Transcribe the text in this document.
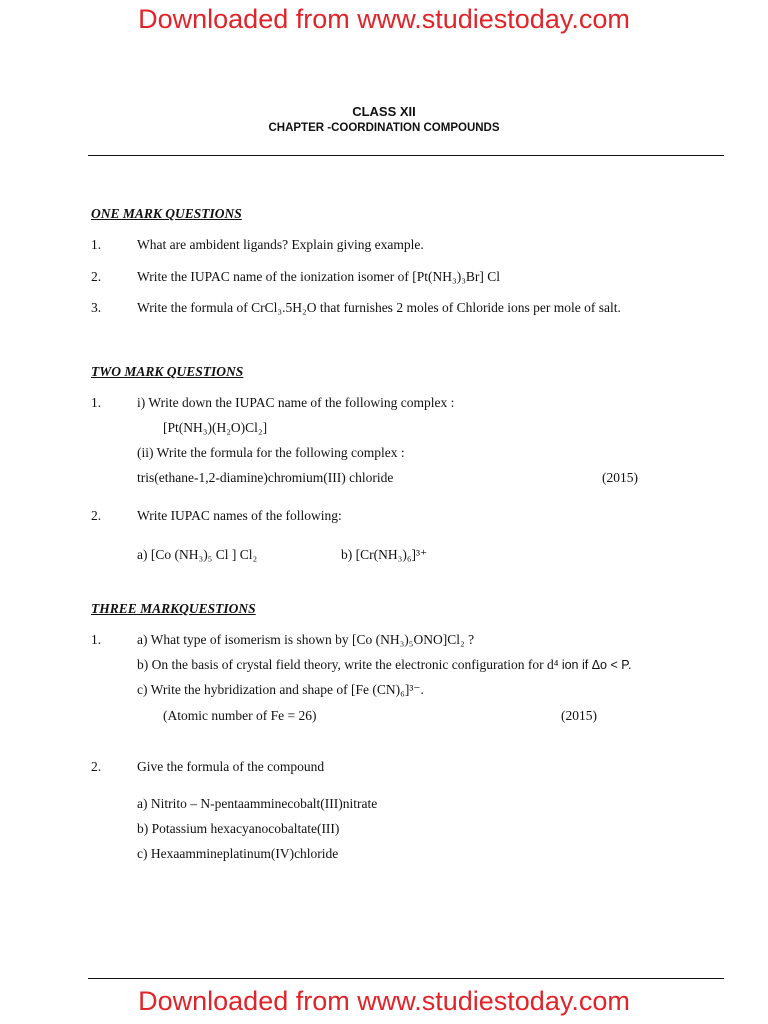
Downloaded from www.studiestoday.com
CLASS XII
CHAPTER -COORDINATION COMPOUNDS
ONE MARK QUESTIONS
1.	What are ambident ligands? Explain giving example.
2.	Write the IUPAC name of the ionization isomer of [Pt(NH₃)₃Br] Cl
3.	Write the formula of CrCl₃.5H₂O that furnishes 2 moles of Chloride ions per mole of salt.
TWO MARK QUESTIONS
1.	i) Write down the IUPAC name of the following complex :
[Pt(NH₃)(H₂O)Cl₂]
(ii) Write the formula for the following complex :
tris(ethane-1,2-diamine)chromium(III) chloride	(2015)
2.	Write IUPAC names of the following:
a) [Co (NH₃)₅ Cl ] Cl₂	b) [Cr(NH₃)₆]³⁺
THREE MARKQUESTIONS
1.	a) What type of isomerism is shown by [Co (NH₃)₅ONO]Cl₂ ?
b) On the basis of crystal field theory, write the electronic configuration for d⁴ ion if Δo < P.
c) Write the hybridization and shape of [Fe (CN)₆]³⁻.
(Atomic number of Fe = 26)	(2015)
2.	Give the formula of the compound
a) Nitrito – N-pentaamminecobalt(III)nitrate
b) Potassium hexacyanocobaltate(III)
c) Hexaammineplatinum(IV)chloride
Downloaded from www.studiestoday.com
